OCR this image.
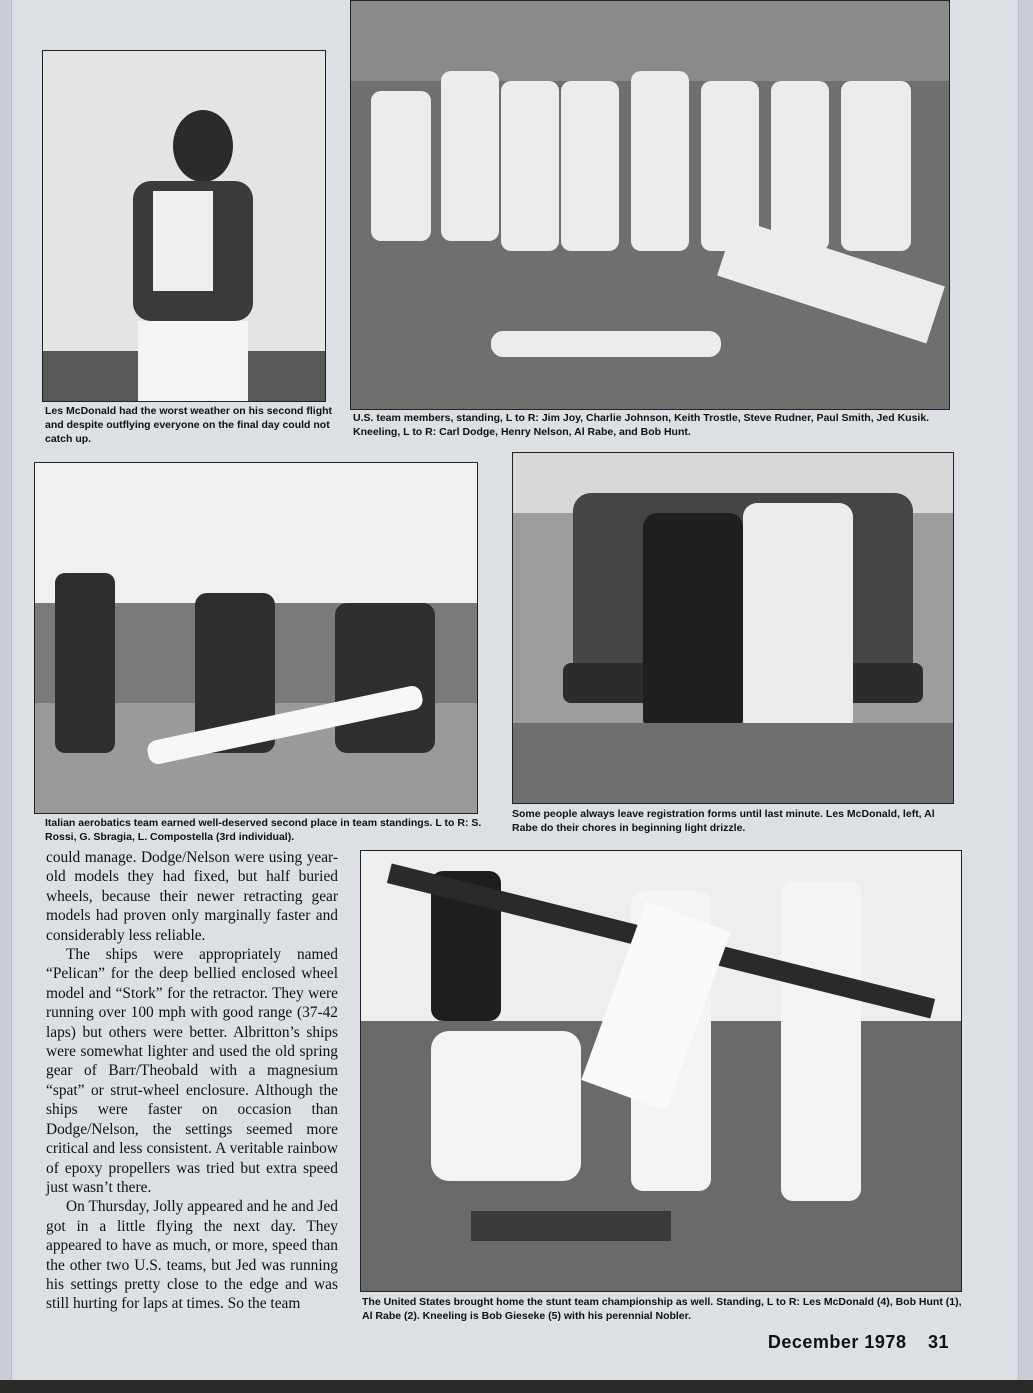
Les McDonald had the worst weather on his second flight and despite outflying everyone on the final day could not catch up.
U.S. team members, standing, L to R: Jim Joy, Charlie Johnson, Keith Trostle, Steve Rudner, Paul Smith, Jed Kusik. Kneeling, L to R: Carl Dodge, Henry Nelson, Al Rabe, and Bob Hunt.
Italian aerobatics team earned well-deserved second place in team standings. L to R: S. Rossi, G. Sbragia, L. Compostella (3rd individual).
Some people always leave registration forms until last minute. Les McDonald, left, Al Rabe do their chores in beginning light drizzle.

could manage. Dodge/Nelson were using year-old models they had fixed, but half buried wheels, because their newer retracting gear models had proven only marginally faster and considerably less reliable.

The ships were appropriately named “Pelican” for the deep bellied enclosed wheel model and “Stork” for the retractor. They were running over 100 mph with good range (37-42 laps) but others were better. Albritton’s ships were somewhat lighter and used the old spring gear of Barr/Theobald with a magnesium “spat” or strut-wheel enclosure. Although the ships were faster on occasion than Dodge/Nelson, the settings seemed more critical and less consistent. A veritable rainbow of epoxy propellers was tried but extra speed just wasn’t there.

On Thursday, Jolly appeared and he and Jed got in a little flying the next day. They appeared to have as much, or more, speed than the other two U.S. teams, but Jed was running his settings pretty close to the edge and was still hurting for laps at times. So the team	The United States brought home the stunt team championship as well. Standing, L to R: Les McDonald (4), Bob Hunt (1), Al Rabe (2). Kneeling is Bob Gieseke (5) with his perennial Nobler.
December 1978 31
